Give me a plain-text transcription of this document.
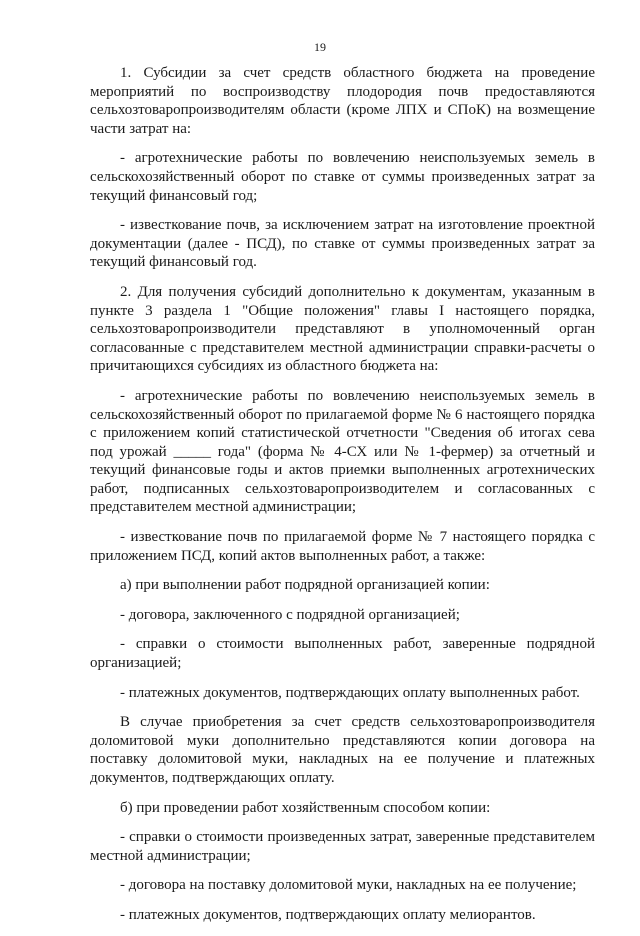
19

1. Субсидии за счет средств областного бюджета на проведение мероприятий по воспроизводству плодородия почв предоставляются сельхозтоваропроизводителям области (кроме ЛПХ и СПоК) на возмещение части затрат на:

- агротехнические работы по вовлечению неиспользуемых земель в сельскохозяйственный оборот по ставке от суммы произведенных затрат за текущий финансовый год;

- известкование почв, за исключением затрат на изготовление проектной документации (далее - ПСД), по ставке от суммы произведенных затрат за текущий финансовый год.

2. Для получения субсидий дополнительно к документам, указанным в пункте 3 раздела 1 "Общие положения" главы I настоящего порядка, сельхозтоваропроизводители представляют в уполномоченный орган согласованные с представителем местной администрации справки-расчеты о причитающихся субсидиях из областного бюджета на:

- агротехнические работы по вовлечению неиспользуемых земель в сельскохозяйственный оборот по прилагаемой форме № 6 настоящего порядка с приложением копий статистической отчетности "Сведения об итогах сева под урожай _____ года" (форма № 4-СХ или № 1-фермер) за отчетный и текущий финансовые годы и актов приемки выполненных агротехнических работ, подписанных сельхозтоваропроизводителем и согласованных с представителем местной администрации;

- известкование почв по прилагаемой форме № 7 настоящего порядка с приложением ПСД, копий актов выполненных работ, а также:

а) при выполнении работ подрядной организацией копии:

- договора, заключенного с подрядной организацией;

- справки о стоимости выполненных работ, заверенные подрядной организацией;

- платежных документов, подтверждающих оплату выполненных работ.

В случае приобретения за счет средств сельхозтоваропроизводителя доломитовой муки дополнительно представляются копии договора на поставку доломитовой муки, накладных на ее получение и платежных документов, подтверждающих оплату.

б) при проведении работ хозяйственным способом копии:

- справки о стоимости произведенных затрат, заверенные представителем местной администрации;

- договора на поставку доломитовой муки, накладных на ее получение;

- платежных документов, подтверждающих оплату мелиорантов.
